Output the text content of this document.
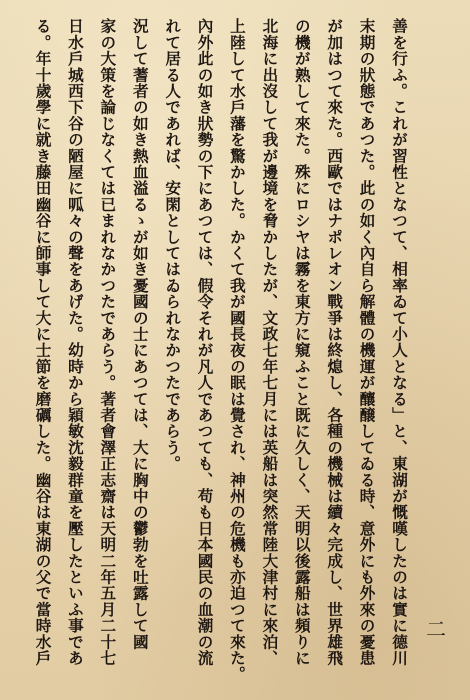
善を行ふ。これが習性となつて、相率ゐて小人となる」と、東湖が慨嘆したのは實に德川
末期の狀態であつた。此の如く內自ら解體の機運が釀醸してゐる時、意外にも外來の憂患
が加はつて來た。西歐ではナポレオン戰爭は終熄し、各種の機械は續々完成し、世界雄飛
の機が熟して來た。殊にロシヤは霧を東方に窺ふこと既に久しく、天明以後露船は頻りに
北海に出沒して我が邊境を脅かしたが、文政七年七月には英船は突然常陸大津村に來泊、
上陸して水戶藩を驚かした。かくて我が國長夜の眠は覺され、神州の危機も亦迫つて來た。
內外此の如き狀勢の下にあつては、假令それが凡人であつても、苟も日本國民の血潮の流
れて居る人であれば、安閑としてはゐられなかつたであらう。
況して蓍者の如き熱血溢るゝが如き憂國の士にあつては、大に胸中の鬱勃を吐露して國
家の大策を論じなくては已まれなかつたであらう。著者會澤正志齋は天明二年五月二十七
日水戶城西下谷の陋屋に呱々の聲をあげた。幼時から穎敏沈毅群童を壓したといふ事であ
る。年十歲學に就き藤田幽谷に師事して大に士節を磨礪した。幽谷は東湖の父で當時水戶	二
